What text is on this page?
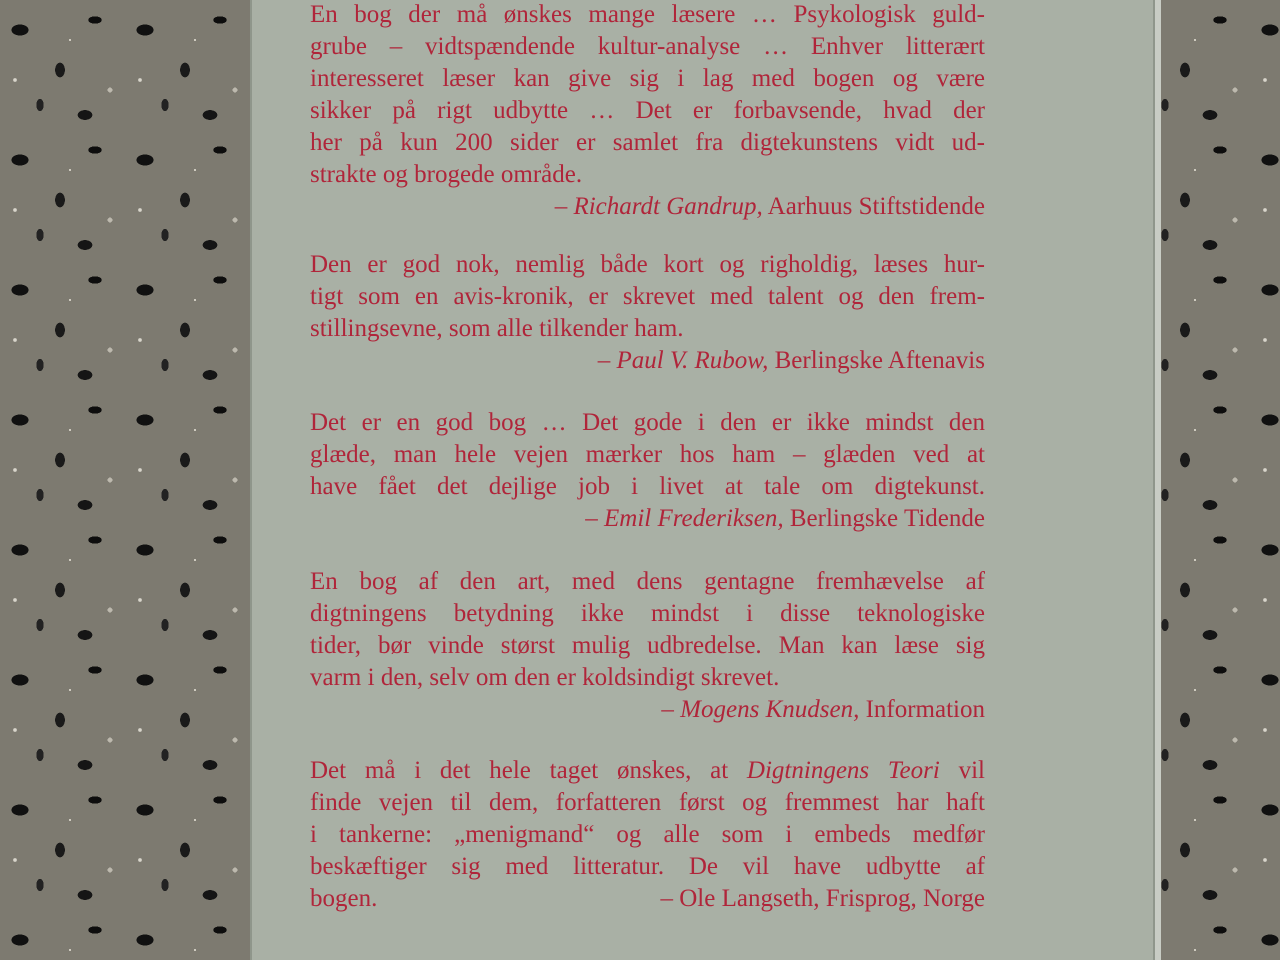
En bog der må ønskes mange læsere … Psykologisk guld-
grube – vidtspændende kultur-analyse … Enhver litterært
interesseret læser kan give sig i lag med bogen og være
sikker på rigt udbytte … Det er forbavsende, hvad der
her på kun 200 sider er samlet fra digtekunstens vidt ud-
strakte og brogede område.
– Richardt Gandrup, Aarhuus Stiftstidende
Den er god nok, nemlig både kort og righoldig, læses hur-
tigt som en avis-kronik, er skrevet med talent og den frem-
stillingsevne, som alle tilkender ham.
– Paul V. Rubow, Berlingske Aftenavis
Det er en god bog … Det gode i den er ikke mindst den
glæde, man hele vejen mærker hos ham – glæden ved at
have fået det dejlige job i livet at tale om digtekunst.
– Emil Frederiksen, Berlingske Tidende
En bog af den art, med dens gentagne fremhævelse af
digtningens betydning ikke mindst i disse teknologiske
tider, bør vinde størst mulig udbredelse. Man kan læse sig
varm i den, selv om den er koldsindigt skrevet.
– Mogens Knudsen, Information
Det må i det hele taget ønskes, at Digtningens Teori vil
finde vejen til dem, forfatteren først og fremmest har haft
i tankerne: „menigmand“ og alle som i embeds medfør
beskæftiger sig med litteratur. De vil have udbytte af
bogen.	– Ole Langseth, Frisprog, Norge
